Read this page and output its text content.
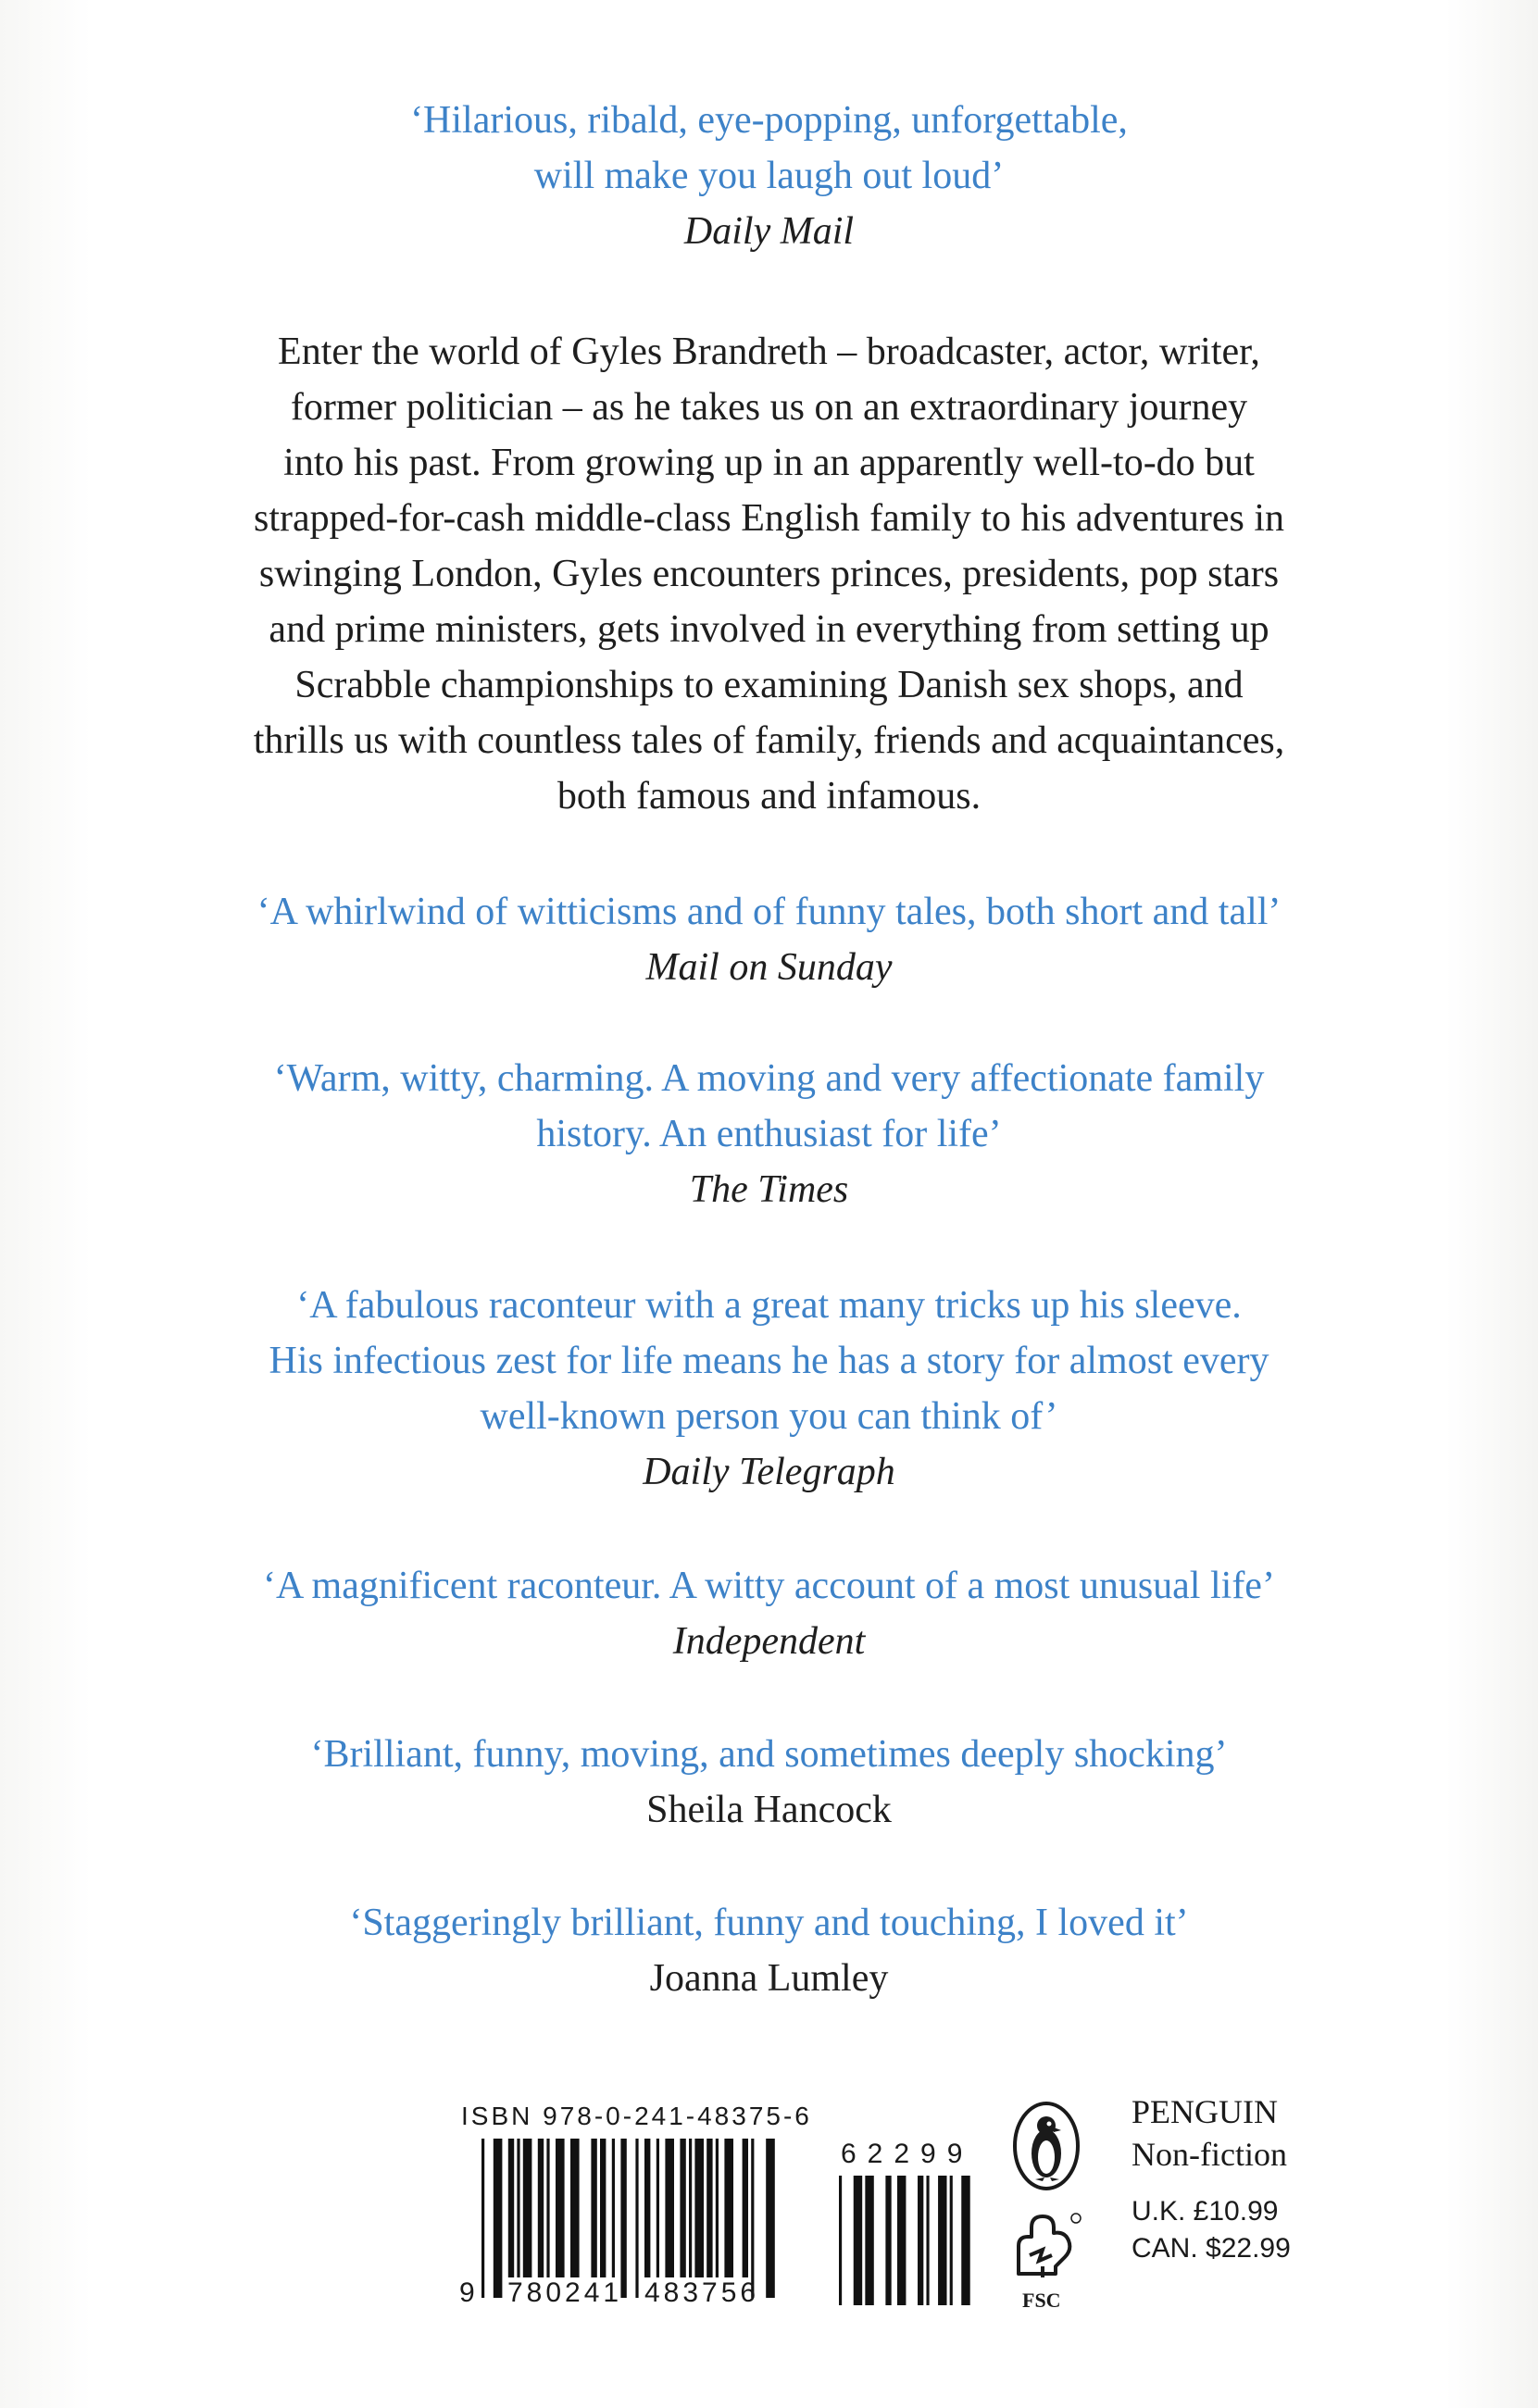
‘Hilarious, ribald, eye-popping, unforgettable,

will make you laugh out loud’

Daily Mail

Enter the world of Gyles Brandreth – broadcaster, actor, writer,

former politician – as he takes us on an extraordinary journey

into his past. From growing up in an apparently well-to-do but

strapped-for-cash middle-class English family to his adventures in

swinging London, Gyles encounters princes, presidents, pop stars

and prime ministers, gets involved in everything from setting up

Scrabble championships to examining Danish sex shops, and

thrills us with countless tales of family, friends and acquaintances,

both famous and infamous.

‘A whirlwind of witticisms and of funny tales, both short and tall’

Mail on Sunday

‘Warm, witty, charming. A moving and very affectionate family

history. An enthusiast for life’

The Times

‘A fabulous raconteur with a great many tricks up his sleeve.

His infectious zest for life means he has a story for almost every

well-known person you can think of’

Daily Telegraph

‘A magnificent raconteur. A witty account of a most unusual life’

Independent

‘Brilliant, funny, moving, and sometimes deeply shocking’

Sheila Hancock

‘Staggeringly brilliant, funny and touching, I loved it’

Joanna Lumley

ISBN 978-0-241-48375-6
9 780241 483756
62299
FSC
PENGUIN
Non-fiction
U.K. £10.99
CAN. $22.99
